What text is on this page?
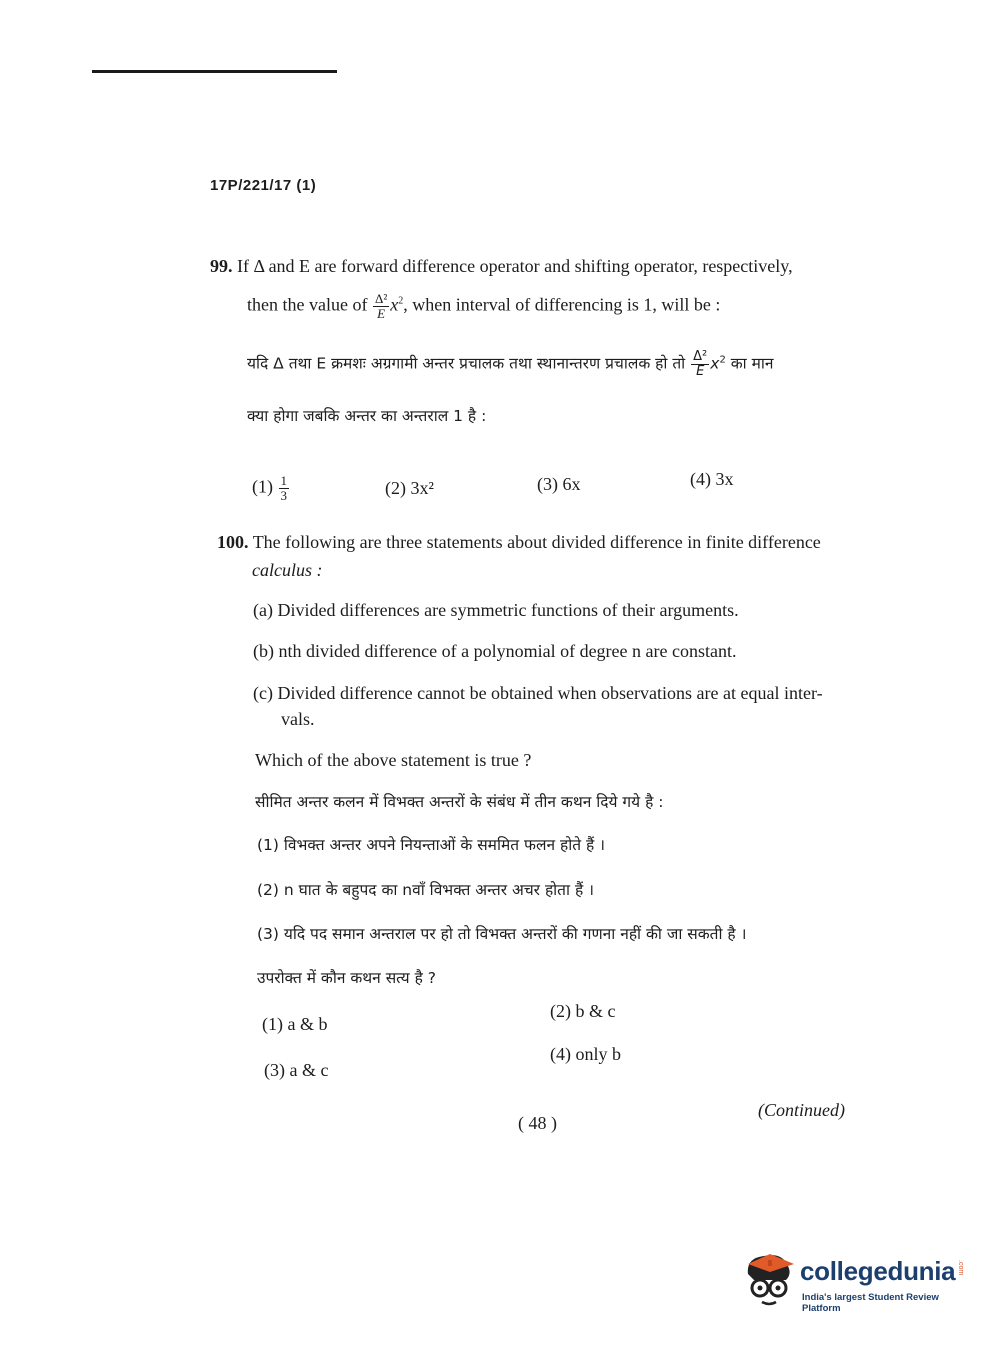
17P/221/17 (1)
99. If Δ and E are forward difference operator and shifting operator, respectively,
then the value of $\frac{\text{Δ²}}{E} x^2$, when interval of differencing is 1, will be :
यदि Δ तथा E क्रमशः अग्रगामी अन्तर प्रचालक तथा स्थानान्तरण प्रचालक हो तो $\frac{\text{Δ²}}{E} x^2$ का मान
क्या होगा जबकि अन्तर का अन्तराल 1 है :
$(1) \frac{1}{3}$	(2) 3x²	(3) 6x	(4) 3x
100. The following are three statements about divided difference in finite difference
calculus :
(a) Divided differences are symmetric functions of their arguments.
(b) nth divided difference of a polynomial of degree n are constant.
(c) Divided difference cannot be obtained when observations are at equal inter-
vals.
Which of the above statement is true ?
सीमित अन्तर कलन में विभक्त अन्तरों के संबंध में तीन कथन दिये गये है :
(1) विभक्त अन्तर अपने नियन्ताओं के सममित फलन होते हैं ।
(2) n घात के बहुपद का nवाँ विभक्त अन्तर अचर होता हैं ।
(3) यदि पद समान अन्तराल पर हो तो विभक्त अन्तरों की गणना नहीं की जा सकती है ।
उपरोक्त में कौन कथन सत्य है ?
(1) a & b
(2) b & c
(3) a & c
(4) only b
( 48 )
(Continued)
collegedunia .com
India's largest Student Review Platform
